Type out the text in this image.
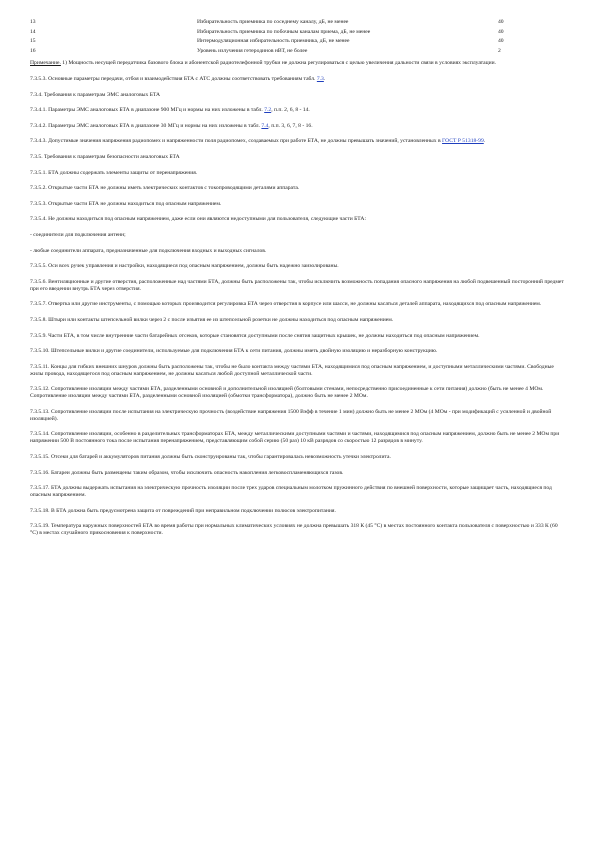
13	Избирательность приемника по соседнему каналу, дБ, не менее	40
14	Избирательность приемника по побочным каналам приема, дБ, не менее	40
15	Интермодуляционная избирательность приемника, дБ, не менее	40
16	Уровень излучения гетеродинов нВТ, не более	2

Примечание. 1) Мощность несущей передатчика базового блока и абонентской радиотелефонной трубки не должна регулироваться с целью увеличения дальности связи в условиях эксплуатации.

7.3.5.3. Основные параметры передачи, отбоя и взаимодействия БТА с АТС должны соответствовать требованиям табл. 7.3.

7.3.4. Требования к параметрам ЭМС аналоговых БТА

7.3.4.1. Параметры ЭМС аналоговых БТА в диапазоне 900 МГц и нормы на них изложены в табл. 7.2, п.п. 2, 6, 8 - 14.

7.3.4.2. Параметры ЭМС аналоговых БТА в диапазоне 30 МГц и нормы на них изложены в табл. 7.4, п.п. 3, 6, 7, 8 - 16.

7.3.4.3. Допустимые значения напряжения радиопомех и напряженности поля радиопомех, создаваемых при работе БТА, не должны превышать значений, установленных в ГОСТ Р 51318-99.

7.3.5. Требования к параметрам безопасности аналоговых БТА

7.3.5.1. БТА должны содержать элементы защиты от перенапряжения.

7.3.5.2. Открытые части БТА не должны иметь электрических контактов с токопроводящими деталями аппарата.

7.3.5.3. Открытые части БТА не должны находиться под опасным напряжением.

7.3.5.4. Не должны находиться под опасным напряжением, даже если они являются недоступными для пользователя, следующие части БТА:

- соединители для подключения антенн;

- любые соединители аппарата, предназначенные для подключения входных и выходных сигналов.

7.3.5.5. Оси всех ручек управления и настройки, находящиеся под опасным напряжением, должны быть надежно заизолированы.

7.3.5.6. Вентиляционные и другие отверстия, расположенные над частями БТА, должны быть расположены так, чтобы исключить возможность попадания опасного напряжения на любой подвешенный посторонний предмет при его введении внутрь БТА через отверстия.

7.3.5.7. Отвертка или другие инструменты, с помощью которых производится регулировка БТА через отверстия в корпусе или шасси, не должны касаться деталей аппарата, находящихся под опасным напряжением.

7.3.5.8. Штыри или контакты штепсельной вилки через 2 с после изъятия ее из штепсельной розетки не должны находиться под опасным напряжением.

7.3.5.9. Части БТА, в том числе внутренние части батарейных отсеков, которые становятся доступными после снятия защитных крышек, не должны находиться под опасным напряжением.

7.3.5.10. Штепсельные вилки и другие соединители, используемые для подключения БТА к сети питания, должны иметь двойную изоляцию и неразборную конструкцию.

7.3.5.11. Концы для гибких внешних шнуров должны быть расположены так, чтобы не было контакта между частями БТА, находящимися под опасным напряжением, и доступными металлическими частями. Свободные жилы провода, находящегося под опасным напряжением, не должны касаться любой доступной металлической части.

7.3.5.12. Сопротивление изоляции между частями БТА, разделенными основной и дополнительной изоляцией (болтовыми стенами, непосредственно присоединенные к сети питания) должно (быть не менее 4 МОм. Сопротивление изоляции между частями БТА, разделенными основной изоляцией (обмотки трансформатора), должно быть не менее 2 МОм.

7.3.5.13. Сопротивление изоляции после испытания на электрическую прочность (воздействие напряжения 1500 Вэфф в течение 1 мин) должно быть не менее 2 МОм (4 МОм - при модификаций с усиленной и двойной изоляцией).

7.3.5.14. Сопротивление изоляции, особенно в разделительных трансформаторах БТА, между металлическими доступными частями и частями, находящимися под опасным напряжением, должно быть не менее 2 МОм при напряжении 500 В постоянного тока после испытания перенапряжением, представляющим собой серию (50 раз) 10 кВ разрядов со скоростью 12 разрядов в минуту.

7.3.5.15. Отсеки для батарей и аккумуляторов питания должны быть сконструированы так, чтобы гарантировалась невозможность утечки электролита.

7.3.5.16. Батареи должны быть размещены таким образом, чтобы исключить опасность накопления легковоспламеняющихся газов.

7.3.5.17. БТА должны выдержать испытания на электрическую прочность изоляции после трех ударов специальным молотком пружинного действия по внешней поверхности, которые защищает часть, находящиеся под опасным напряжением.

7.3.5.18. В БТА должна быть предусмотрена защита от повреждений при неправильном подключении полюсов электропитания.

7.3.5.19. Температура наружных поверхностей БТА во время работы при нормальных климатических условиях не должна превышать 318 К (45 °С) в местах постоянного контакта пользователя с поверхностью и 333 К (60 °С) в местах случайного прикосновения к поверхности.
